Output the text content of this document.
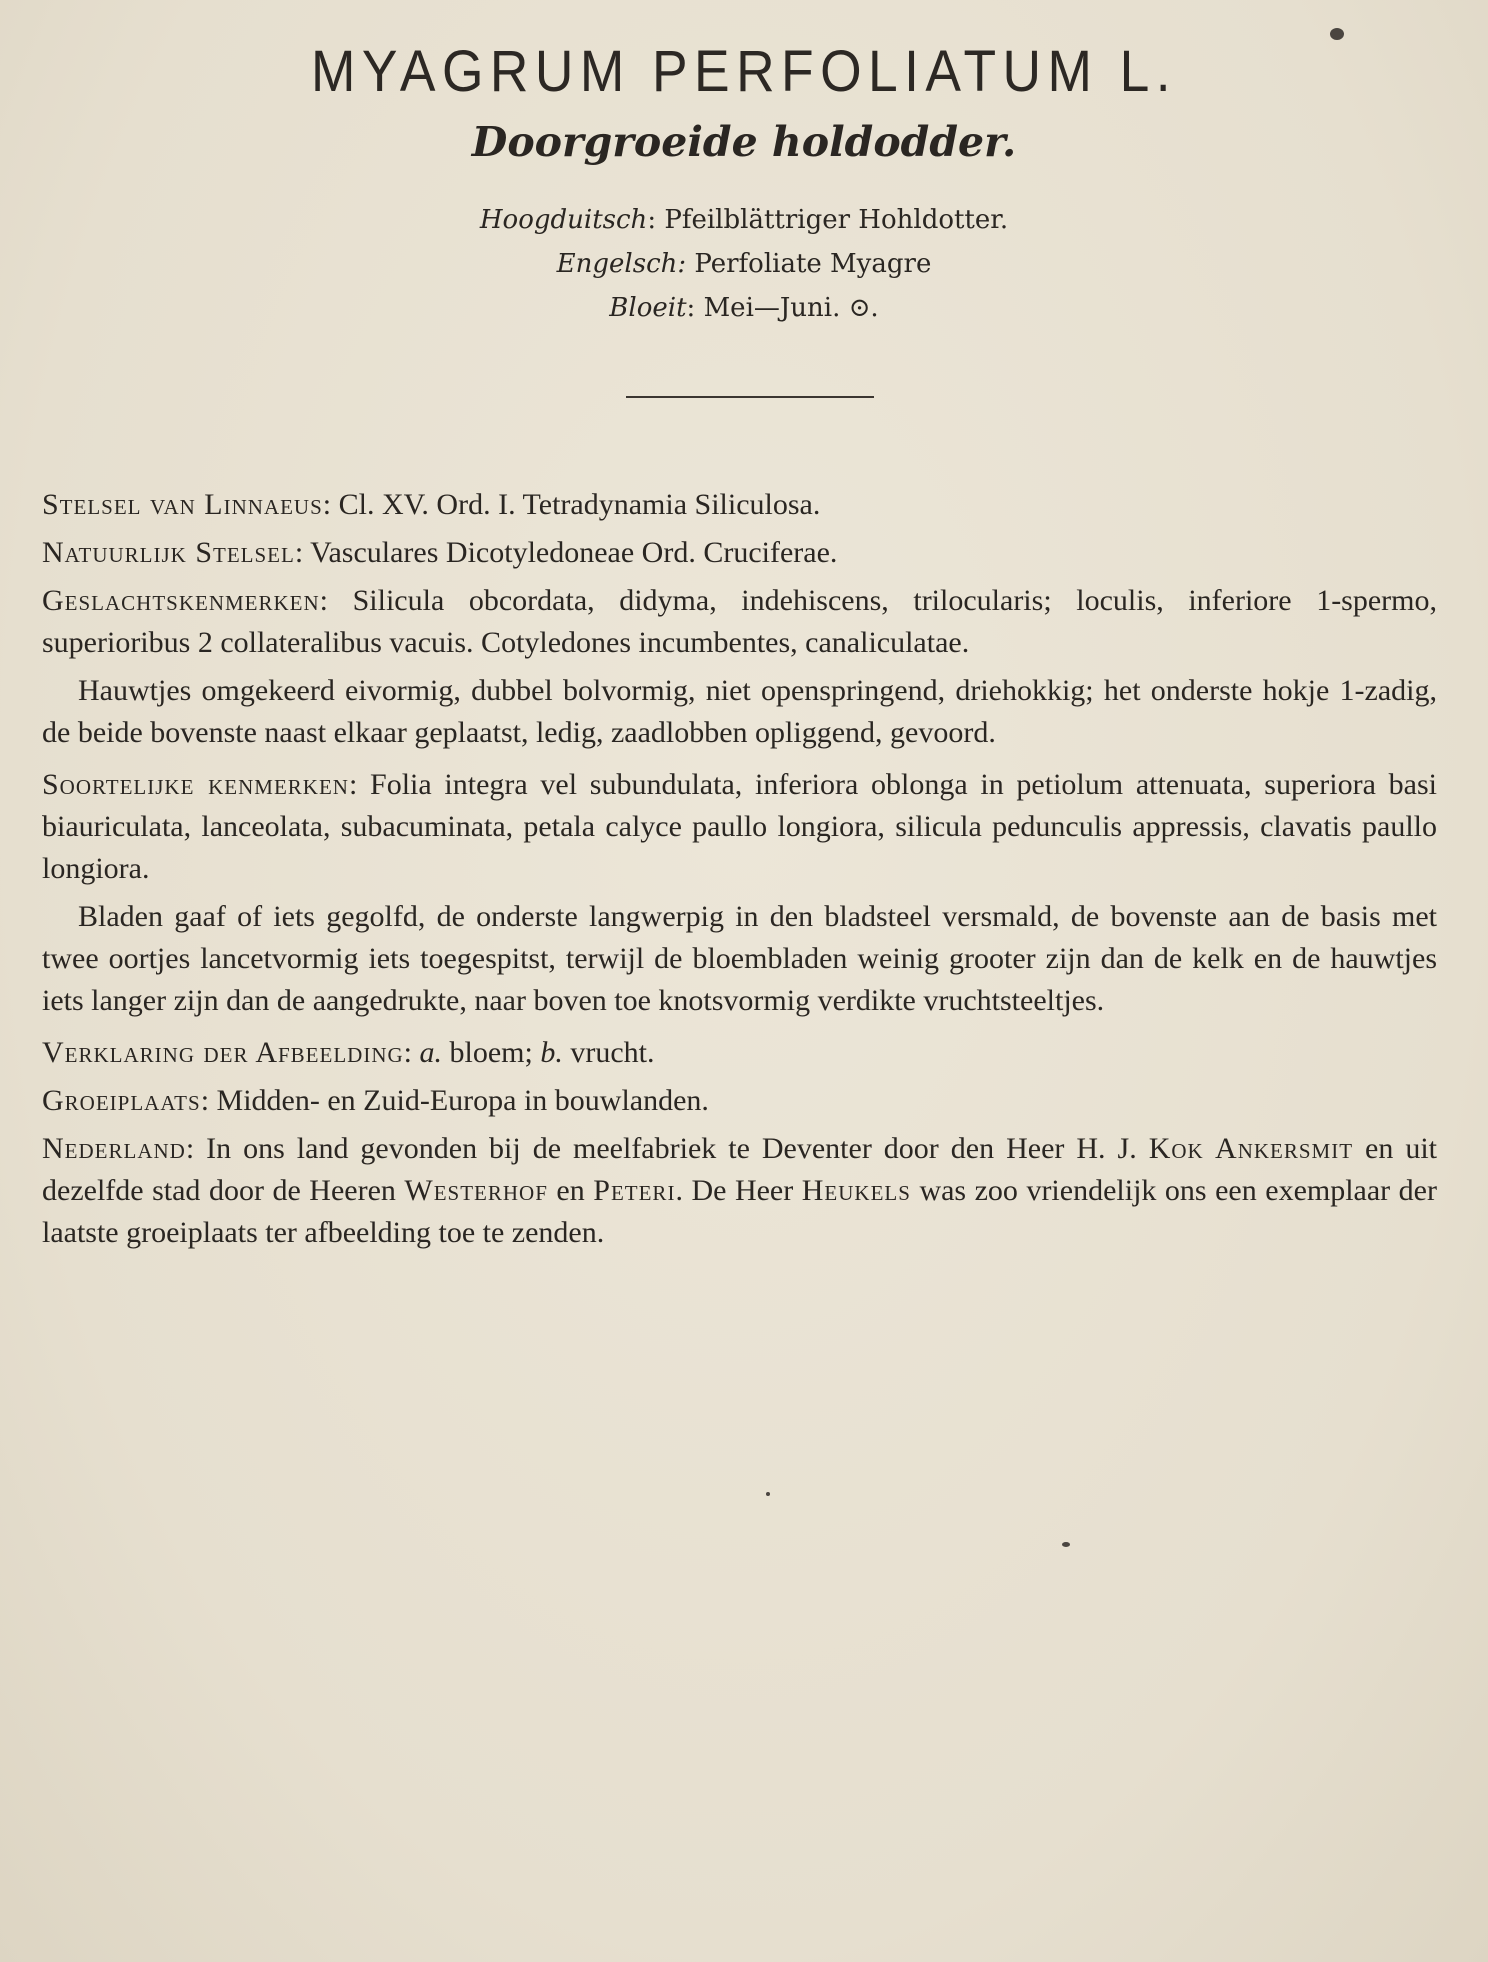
MYAGRUM PERFOLIATUM L.
Doorgroeide holdodder.
Hoogduitsch: Pfeilblättriger Hohldotter.
Engelsch: Perfoliate Myagre
Bloeit: Mei—Juni. ⊙.

Stelsel van Linnaeus: Cl. XV. Ord. I. Tetradynamia Siliculosa.

Natuurlijk Stelsel: Vasculares Dicotyledoneae Ord. Cruciferae.

Geslachtskenmerken: Silicula obcordata, didyma, indehiscens, trilocularis; loculis, inferiore 1-spermo, superioribus 2 collateralibus vacuis. Cotyledones incumbentes, canaliculatae.

Hauwtjes omgekeerd eivormig, dubbel bolvormig, niet openspringend, driehokkig; het onderste hokje 1-zadig, de beide bovenste naast elkaar geplaatst, ledig, zaadlobben opliggend, gevoord.

Soortelijke kenmerken: Folia integra vel subundulata, inferiora oblonga in petiolum attenuata, superiora basi biauriculata, lanceolata, subacuminata, petala calyce paullo longiora, silicula pedunculis appressis, clavatis paullo longiora.

Bladen gaaf of iets gegolfd, de onderste langwerpig in den bladsteel versmald, de bovenste aan de basis met twee oortjes lancetvormig iets toegespitst, terwijl de bloembladen weinig grooter zijn dan de kelk en de hauwtjes iets langer zijn dan de aangedrukte, naar boven toe knotsvormig verdikte vruchtsteeltjes.

Verklaring der Afbeelding: a. bloem; b. vrucht.

Groeiplaats: Midden- en Zuid-Europa in bouwlanden.

Nederland: In ons land gevonden bij de meelfabriek te Deventer door den Heer H. J. Kok Ankersmit en uit dezelfde stad door de Heeren Westerhof en Peteri. De Heer Heukels was zoo vriendelijk ons een exemplaar der laatste groeiplaats ter afbeelding toe te zenden.
